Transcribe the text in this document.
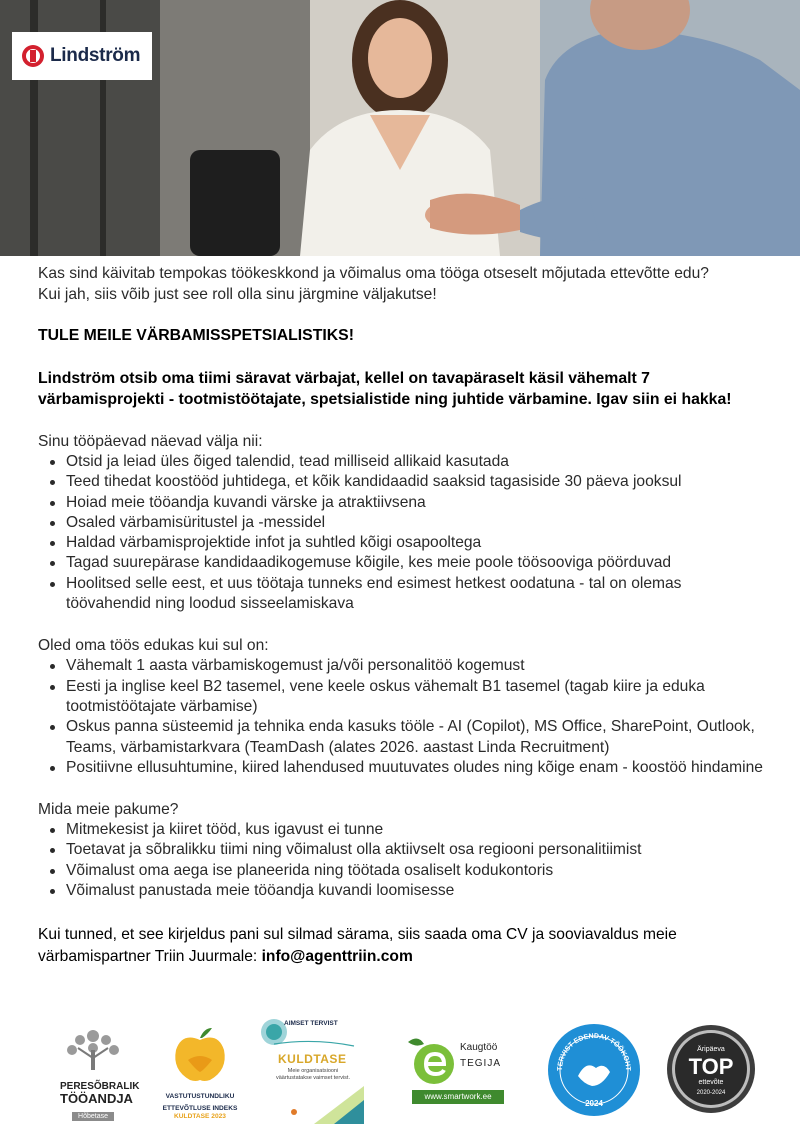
Lindström

Kas sind käivitab tempokas töökeskkond ja võimalus oma tööga otseselt mõjutada ettevõtte edu?

Kui jah, siis võib just see roll olla sinu järgmine väljakutse!

TULE MEILE VÄRBAMISSPETSIALISTIKS!
Lindström otsib oma tiimi säravat värbajat, kellel on tavapäraselt käsil vähemalt 7 värbamisprojekti - tootmistöötajate, spetsialistide ning juhtide värbamine. Igav siin ei hakka!
Sinu tööpäevad näevad välja nii:
Otsid ja leiad üles õiged talendid, tead milliseid allikaid kasutada
Teed tihedat koostööd juhtidega, et kõik kandidaadid saaksid tagasiside 30 päeva jooksul
Hoiad meie tööandja kuvandi värske ja atraktiivsena
Osaled värbamisüritustel ja -messidel
Haldad värbamisprojektide infot ja suhtled kõigi osapooltega
Tagad suurepärase kandidaadikogemuse kõigile, kes meie poole töösooviga pöörduvad
Hoolitsed selle eest, et uus töötaja tunneks end esimest hetkest oodatuna - tal on olemas töövahendid ning loodud sisseelamiskava
Oled oma töös edukas kui sul on:
Vähemalt 1 aasta värbamiskogemust ja/või personalitöö kogemust
Eesti ja inglise keel B2 tasemel, vene keele oskus vähemalt B1 tasemel (tagab kiire ja eduka tootmistöötajate värbamise)
Oskus panna süsteemid ja tehnika enda kasuks tööle - AI (Copilot), MS Office, SharePoint, Outlook, Teams, värbamistarkvara (TeamDash (alates 2026. aastast Linda Recruitment)
Positiivne ellusuhtumine, kiired lahendused muutuvates oludes ning kõige enam - koostöö hindamine
Mida meie pakume?
Mitmekesist ja kiiret tööd, kus igavust ei tunne
Toetavat ja sõbralikku tiimi ning võimalust olla aktiivselt osa regiooni personalitiimist
Võimalust oma aega ise planeerida ning töötada osaliselt kodukontoris
Võimalust panustada meie tööandja kuvandi loomisesse
Kui tunned, et see kirjeldus pani sul silmad särama, siis saada oma CV ja sooviavaldus meie värbamispartner Triin Juurmale: info@agenttriin.com
PERESÕBRALIK
TÖÖANDJA
Hõbetase
VASTUTUSTUNDLIKU
ETTEVÕTLUSE INDEKS
KULDTASE 2023
AIMSET TERVIST
KULDTASE
Meie organisatsiooni väärtustatakse vaimset tervist.
Kaugtöö
TEGIJA
www.smartwork.ee
TERVIST EDENDAV TÖÖKOHT
2024
Äripäeva
TOP
ettevõte
2020-2024
